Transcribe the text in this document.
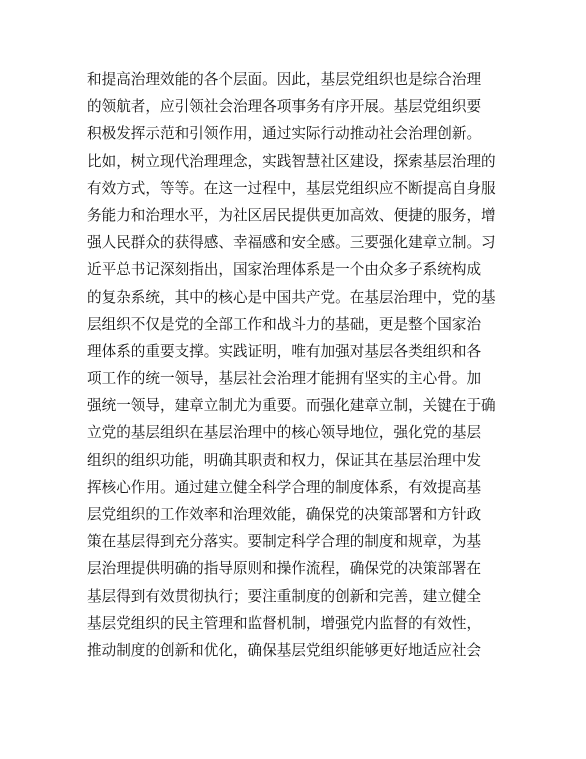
和提高治理效能的各个层面。因此，基层党组织也是综合治理
的领航者，应引领社会治理各项事务有序开展。基层党组织要
积极发挥示范和引领作用，通过实际行动推动社会治理创新。
比如，树立现代治理理念，实践智慧社区建设，探索基层治理的
有效方式，等等。在这一过程中，基层党组织应不断提高自身服
务能力和治理水平，为社区居民提供更加高效、便捷的服务，增
强人民群众的获得感、幸福感和安全感。三要强化建章立制。习
近平总书记深刻指出，国家治理体系是一个由众多子系统构成
的复杂系统，其中的核心是中国共产党。在基层治理中，党的基
层组织不仅是党的全部工作和战斗力的基础，更是整个国家治
理体系的重要支撑。实践证明，唯有加强对基层各类组织和各
项工作的统一领导，基层社会治理才能拥有坚实的主心骨。加
强统一领导，建章立制尤为重要。而强化建章立制，关键在于确
立党的基层组织在基层治理中的核心领导地位，强化党的基层
组织的组织功能，明确其职责和权力，保证其在基层治理中发
挥核心作用。通过建立健全科学合理的制度体系，有效提高基
层党组织的工作效率和治理效能，确保党的决策部署和方针政
策在基层得到充分落实。要制定科学合理的制度和规章，为基
层治理提供明确的指导原则和操作流程，确保党的决策部署在
基层得到有效贯彻执行；要注重制度的创新和完善，建立健全
基层党组织的民主管理和监督机制，增强党内监督的有效性，
推动制度的创新和优化，确保基层党组织能够更好地适应社会
